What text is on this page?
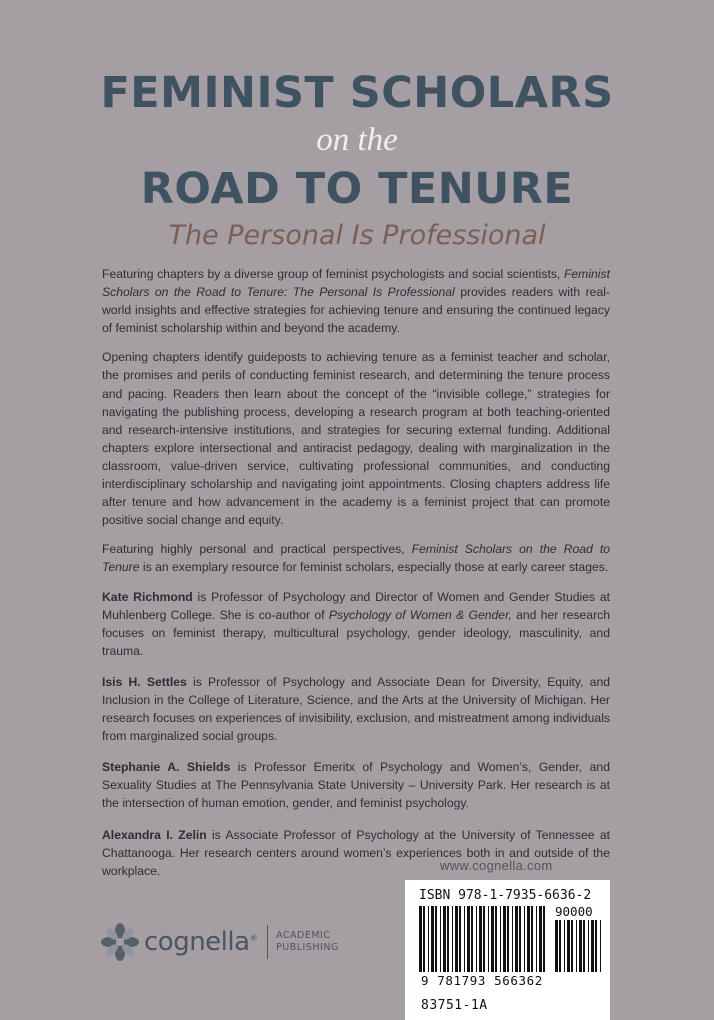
FEMINIST SCHOLARS
on the
ROAD TO TENURE
The Personal Is Professional

Featuring chapters by a diverse group of feminist psychologists and social scientists, Feminist Scholars on the Road to Tenure: The Personal Is Professional provides readers with real-world insights and effective strategies for achieving tenure and ensuring the continued legacy of feminist scholarship within and beyond the academy.

Opening chapters identify guideposts to achieving tenure as a feminist teacher and scholar, the promises and perils of conducting feminist research, and determining the tenure process and pacing. Readers then learn about the concept of the “invisible college,” strategies for navigating the publishing process, developing a research program at both teaching-oriented and research-intensive institutions, and strategies for securing external funding. Additional chapters explore intersectional and antiracist pedagogy, dealing with marginalization in the classroom, value-driven service, cultivating professional communities, and conducting interdisciplinary scholarship and navigating joint appointments. Closing chapters address life after tenure and how advancement in the academy is a feminist project that can promote positive social change and equity.

Featuring highly personal and practical perspectives, Feminist Scholars on the Road to Tenure is an exemplary resource for feminist scholars, especially those at early career stages.

Kate Richmond is Professor of Psychology and Director of Women and Gender Studies at Muhlenberg College. She is co-author of Psychology of Women & Gender, and her research focuses on feminist therapy, multicultural psychology, gender ideology, masculinity, and trauma.

Isis H. Settles is Professor of Psychology and Associate Dean for Diversity, Equity, and Inclusion in the College of Literature, Science, and the Arts at the University of Michigan. Her research focuses on experiences of invisibility, exclusion, and mistreatment among individuals from marginalized social groups.

Stephanie A. Shields is Professor Emeritx of Psychology and Women’s, Gender, and Sexuality Studies at The Pennsylvania State University – University Park. Her research is at the intersection of human emotion, gender, and feminist psychology.

Alexandra I. Zelin is Associate Professor of Psychology at the University of Tennessee at Chattanooga. Her research centers around women’s experiences both in and outside of the workplace.	www.cognella.com
cognella® ACADEMIC
PUBLISHING
ISBN 978-1-7935-6636-2
90000
9 781793 566362
83751-1A
